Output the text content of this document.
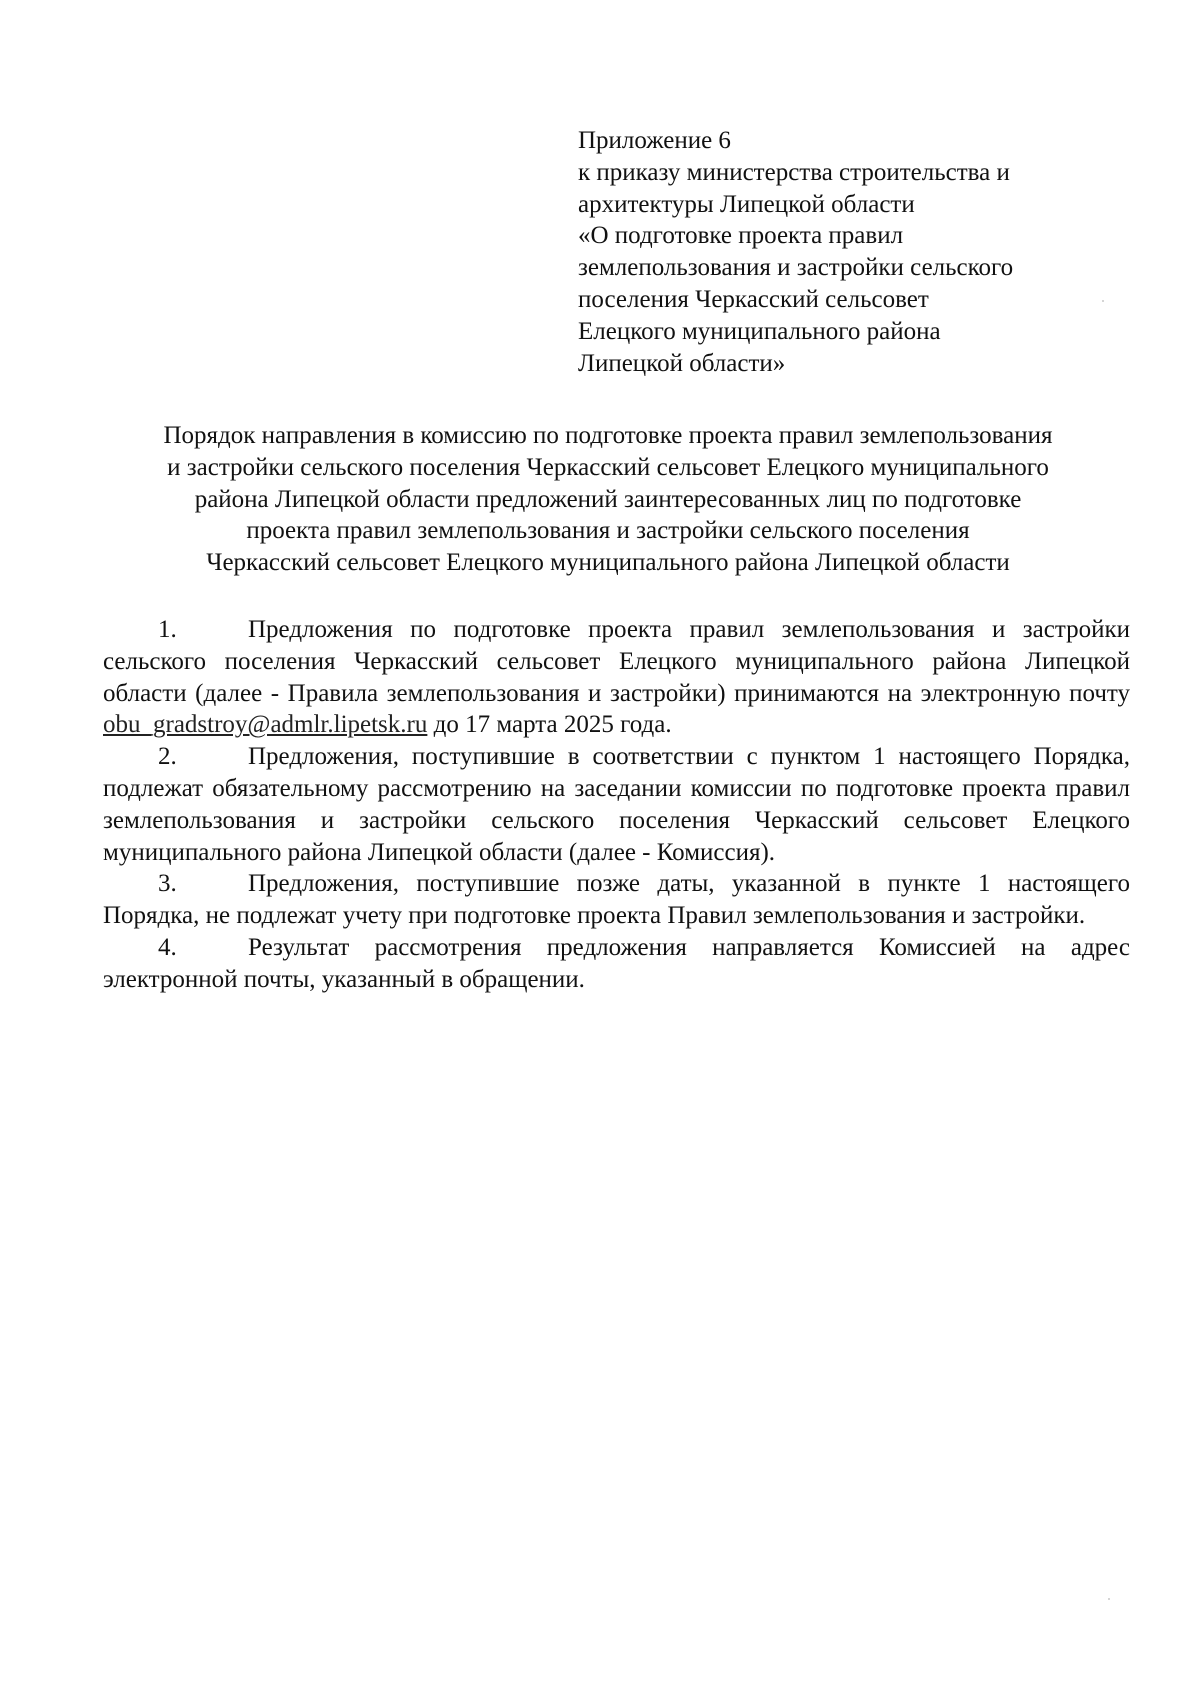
Приложение 6
к приказу министерства строительства и
архитектуры Липецкой области
«О подготовке проекта правил
землепользования и застройки сельского
поселения Черкасский сельсовет
Елецкого муниципального района
Липецкой области»
Порядок направления в комиссию по подготовке проекта правил землепользования
и застройки сельского поселения Черкасский сельсовет Елецкого муниципального
района Липецкой области предложений заинтересованных лиц по подготовке
проекта правил землепользования и застройки сельского поселения
Черкасский сельсовет Елецкого муниципального района Липецкой области
1.	Предложения по подготовке проекта правил землепользования и застройки сельского поселения Черкасский сельсовет Елецкого муниципального района Липецкой области (далее - Правила землепользования и застройки) принимаются на электронную почту obu_gradstroy@admlr.lipetsk.ru до 17 марта 2025 года.
2.	Предложения, поступившие в соответствии с пунктом 1 настоящего Порядка, подлежат обязательному рассмотрению на заседании комиссии по подготовке проекта правил землепользования и застройки сельского поселения Черкасский сельсовет Елецкого муниципального района Липецкой области (далее - Комиссия).
3.	Предложения, поступившие позже даты, указанной в пункте 1 настоящего Порядка, не подлежат учету при подготовке проекта Правил землепользования и застройки.
4.	Результат рассмотрения предложения направляется Комиссией на адрес электронной почты, указанный в обращении.
